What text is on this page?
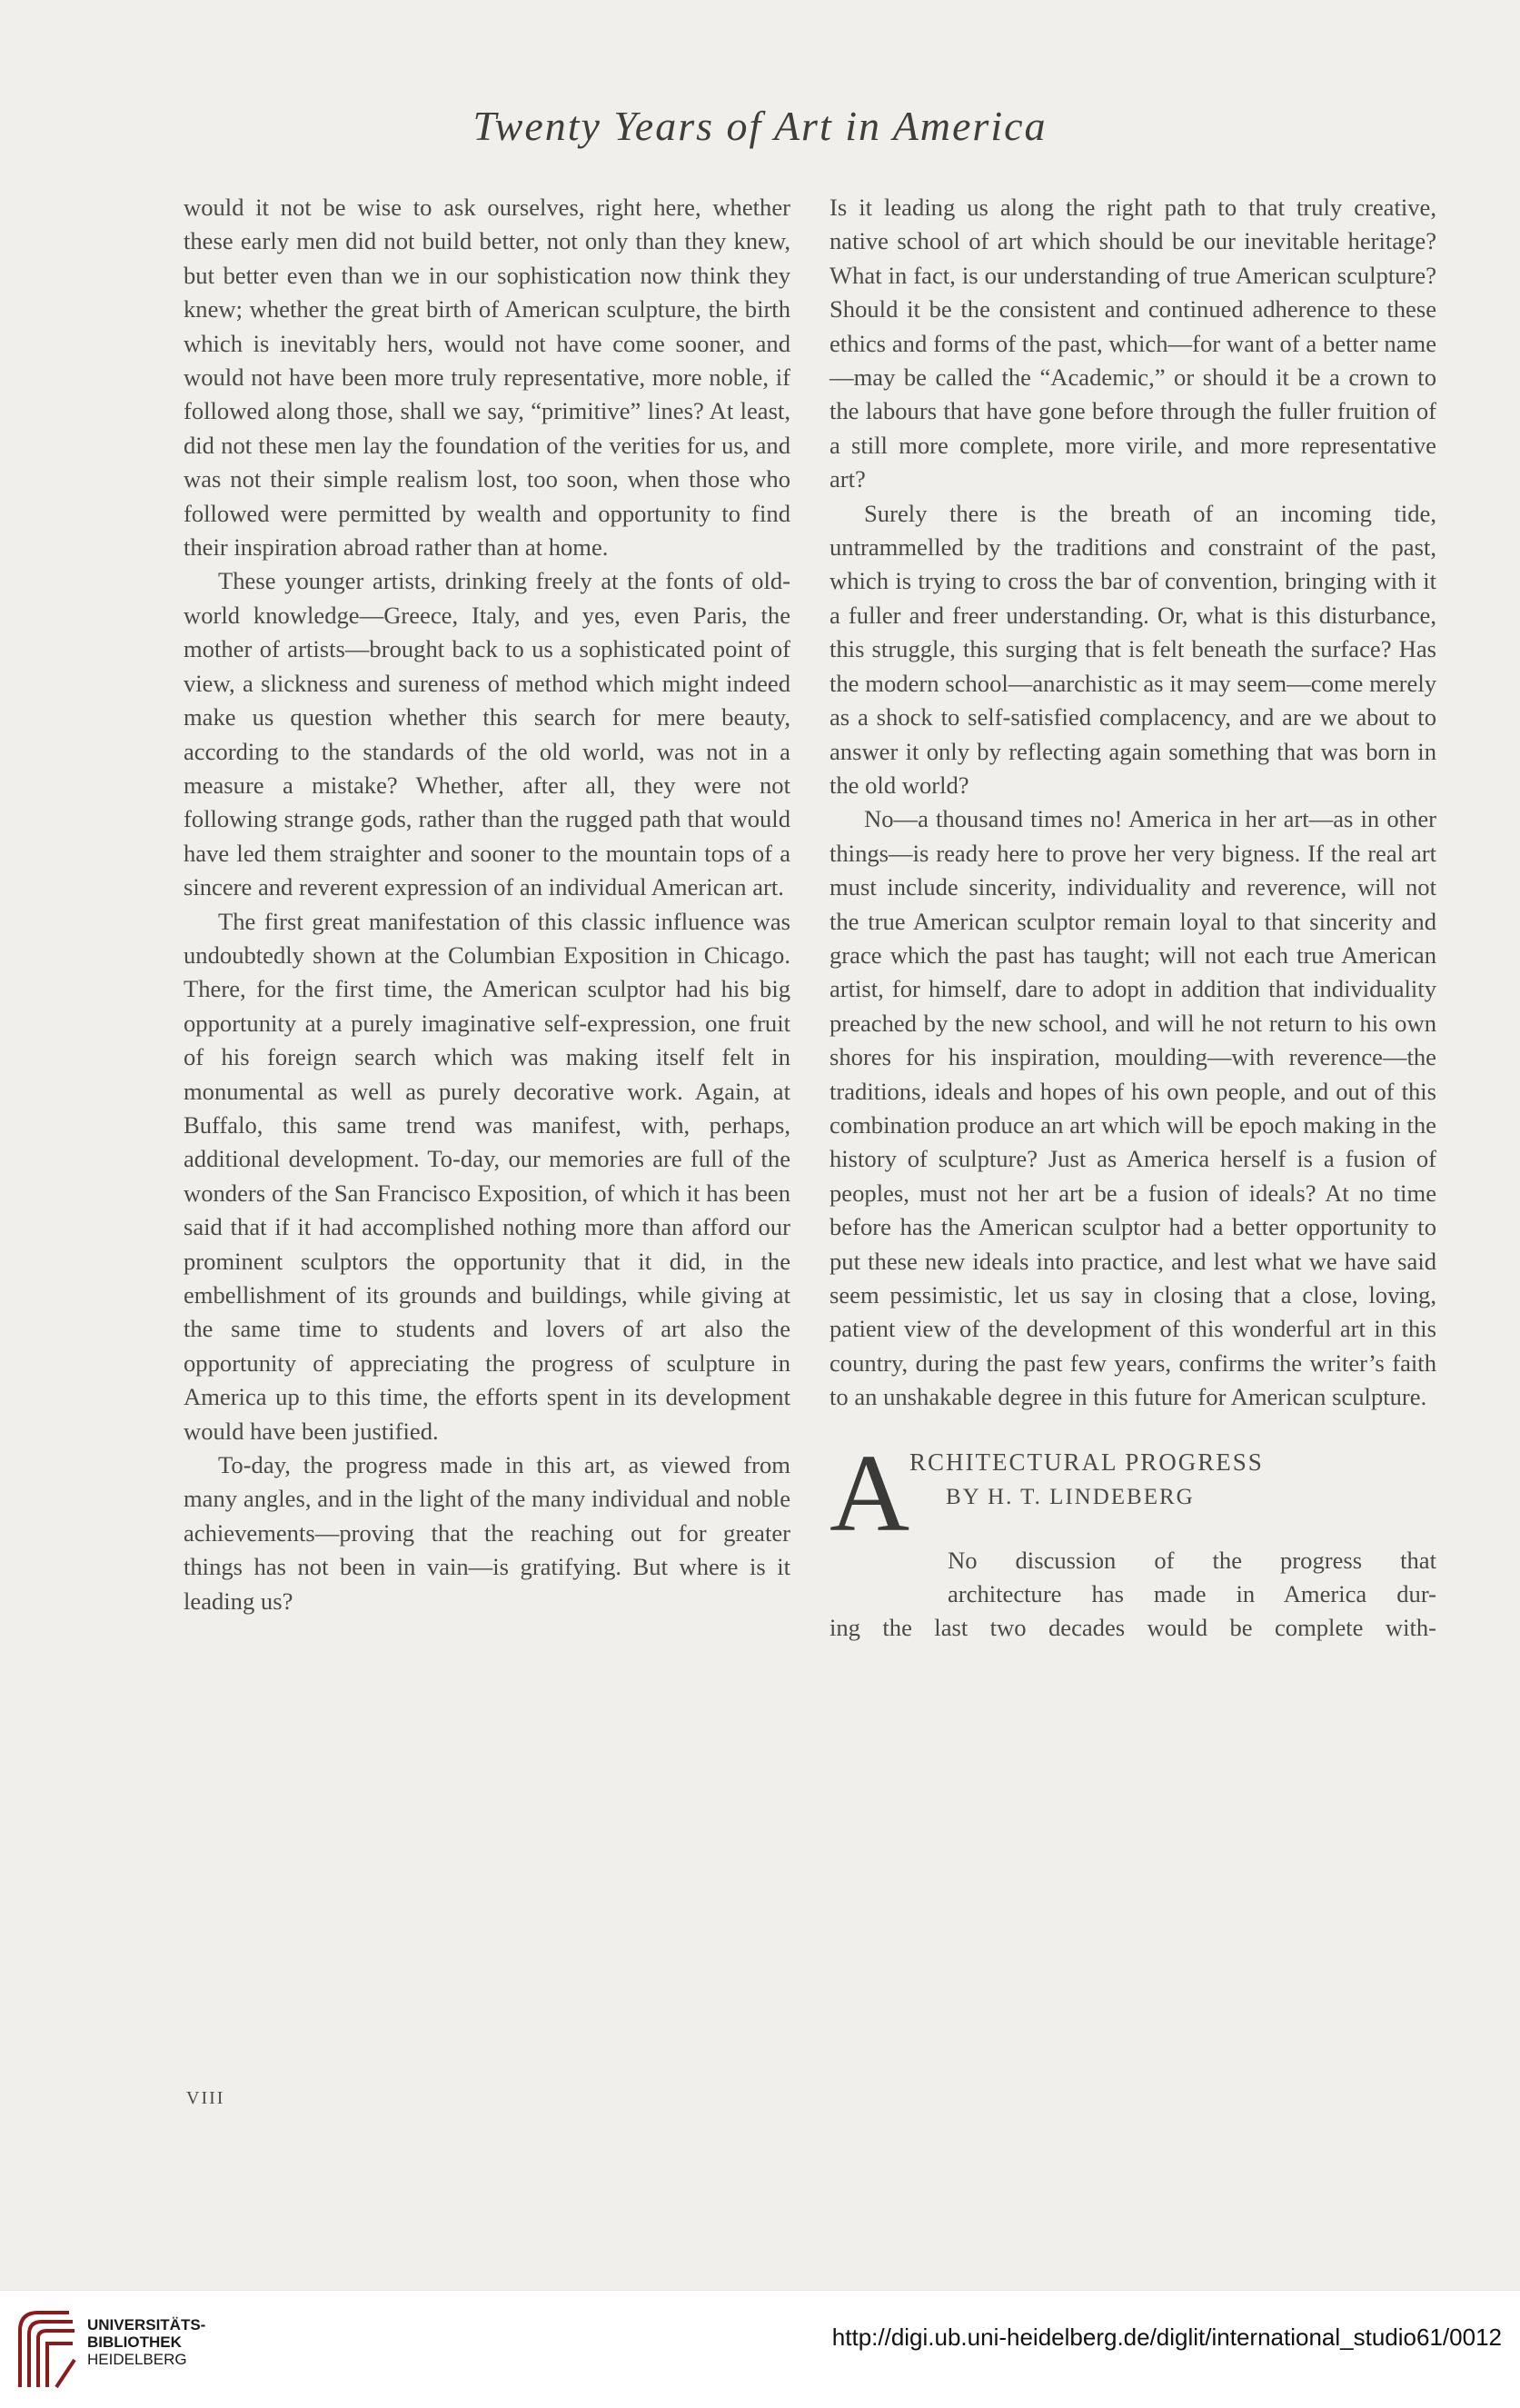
Twenty Years of Art in America

would it not be wise to ask ourselves, right here, whether these early men did not build better, not only than they knew, but better even than we in our sophistication now think they knew; whether the great birth of American sculpture, the birth which is inevitably hers, would not have come sooner, and would not have been more truly representative, more noble, if followed along those, shall we say, “primitive” lines? At least, did not these men lay the foundation of the verities for us, and was not their simple realism lost, too soon, when those who followed were permitted by wealth and opportunity to find their inspiration abroad rather than at home.

These younger artists, drinking freely at the fonts of old-world knowledge—Greece, Italy, and yes, even Paris, the mother of artists—brought back to us a sophisticated point of view, a slickness and sureness of method which might indeed make us question whether this search for mere beauty, according to the standards of the old world, was not in a measure a mistake? Whether, after all, they were not following strange gods, rather than the rugged path that would have led them straighter and sooner to the mountain tops of a sincere and reverent expression of an individual American art.

The first great manifestation of this classic influence was undoubtedly shown at the Columbian Exposition in Chicago. There, for the first time, the American sculptor had his big opportunity at a purely imaginative self-expression, one fruit of his foreign search which was making itself felt in monumental as well as purely decorative work. Again, at Buffalo, this same trend was manifest, with, perhaps, additional development. To-day, our memories are full of the wonders of the San Francisco Exposition, of which it has been said that if it had accomplished nothing more than afford our prominent sculptors the opportunity that it did, in the embellishment of its grounds and buildings, while giving at the same time to students and lovers of art also the opportunity of appreciating the progress of sculpture in America up to this time, the efforts spent in its development would have been justified.

To-day, the progress made in this art, as viewed from many angles, and in the light of the many individual and noble achievements—proving that the reaching out for greater things has not been in vain—is gratifying. But where is it leading us?

Is it leading us along the right path to that truly creative, native school of art which should be our inevitable heritage? What in fact, is our understanding of true American sculpture? Should it be the consistent and continued adherence to these ethics and forms of the past, which—for want of a better name—may be called the “Academic,” or should it be a crown to the labours that have gone before through the fuller fruition of a still more complete, more virile, and more representative art?

Surely there is the breath of an incoming tide, untrammelled by the traditions and constraint of the past, which is trying to cross the bar of convention, bringing with it a fuller and freer understanding. Or, what is this disturbance, this struggle, this surging that is felt beneath the surface? Has the modern school—anarchistic as it may seem—come merely as a shock to self-satisfied complacency, and are we about to answer it only by reflecting again something that was born in the old world?

No—a thousand times no! America in her art—as in other things—is ready here to prove her very bigness. If the real art must include sincerity, individuality and reverence, will not the true American sculptor remain loyal to that sincerity and grace which the past has taught; will not each true American artist, for himself, dare to adopt in addition that individuality preached by the new school, and will he not return to his own shores for his inspiration, moulding—with reverence—the traditions, ideals and hopes of his own people, and out of this combination produce an art which will be epoch making in the history of sculpture? Just as America herself is a fusion of peoples, must not her art be a fusion of ideals? At no time before has the American sculptor had a better opportunity to put these new ideals into practice, and lest what we have said seem pessimistic, let us say in closing that a close, loving, patient view of the development of this wonderful art in this country, during the past few years, confirms the writer’s faith to an unshakable degree in this future for American sculpture.

A RCHITECTURAL PROGRESS
BY H. T. LINDEBERG
No discussion of the progress that
architecture has made in America dur-
ing the last two decades would be complete with-
VIII
UNIVERSITÄTS-
BIBLIOTHEK
HEIDELBERG
http://digi.ub.uni-heidelberg.de/diglit/international_studio61/0012
